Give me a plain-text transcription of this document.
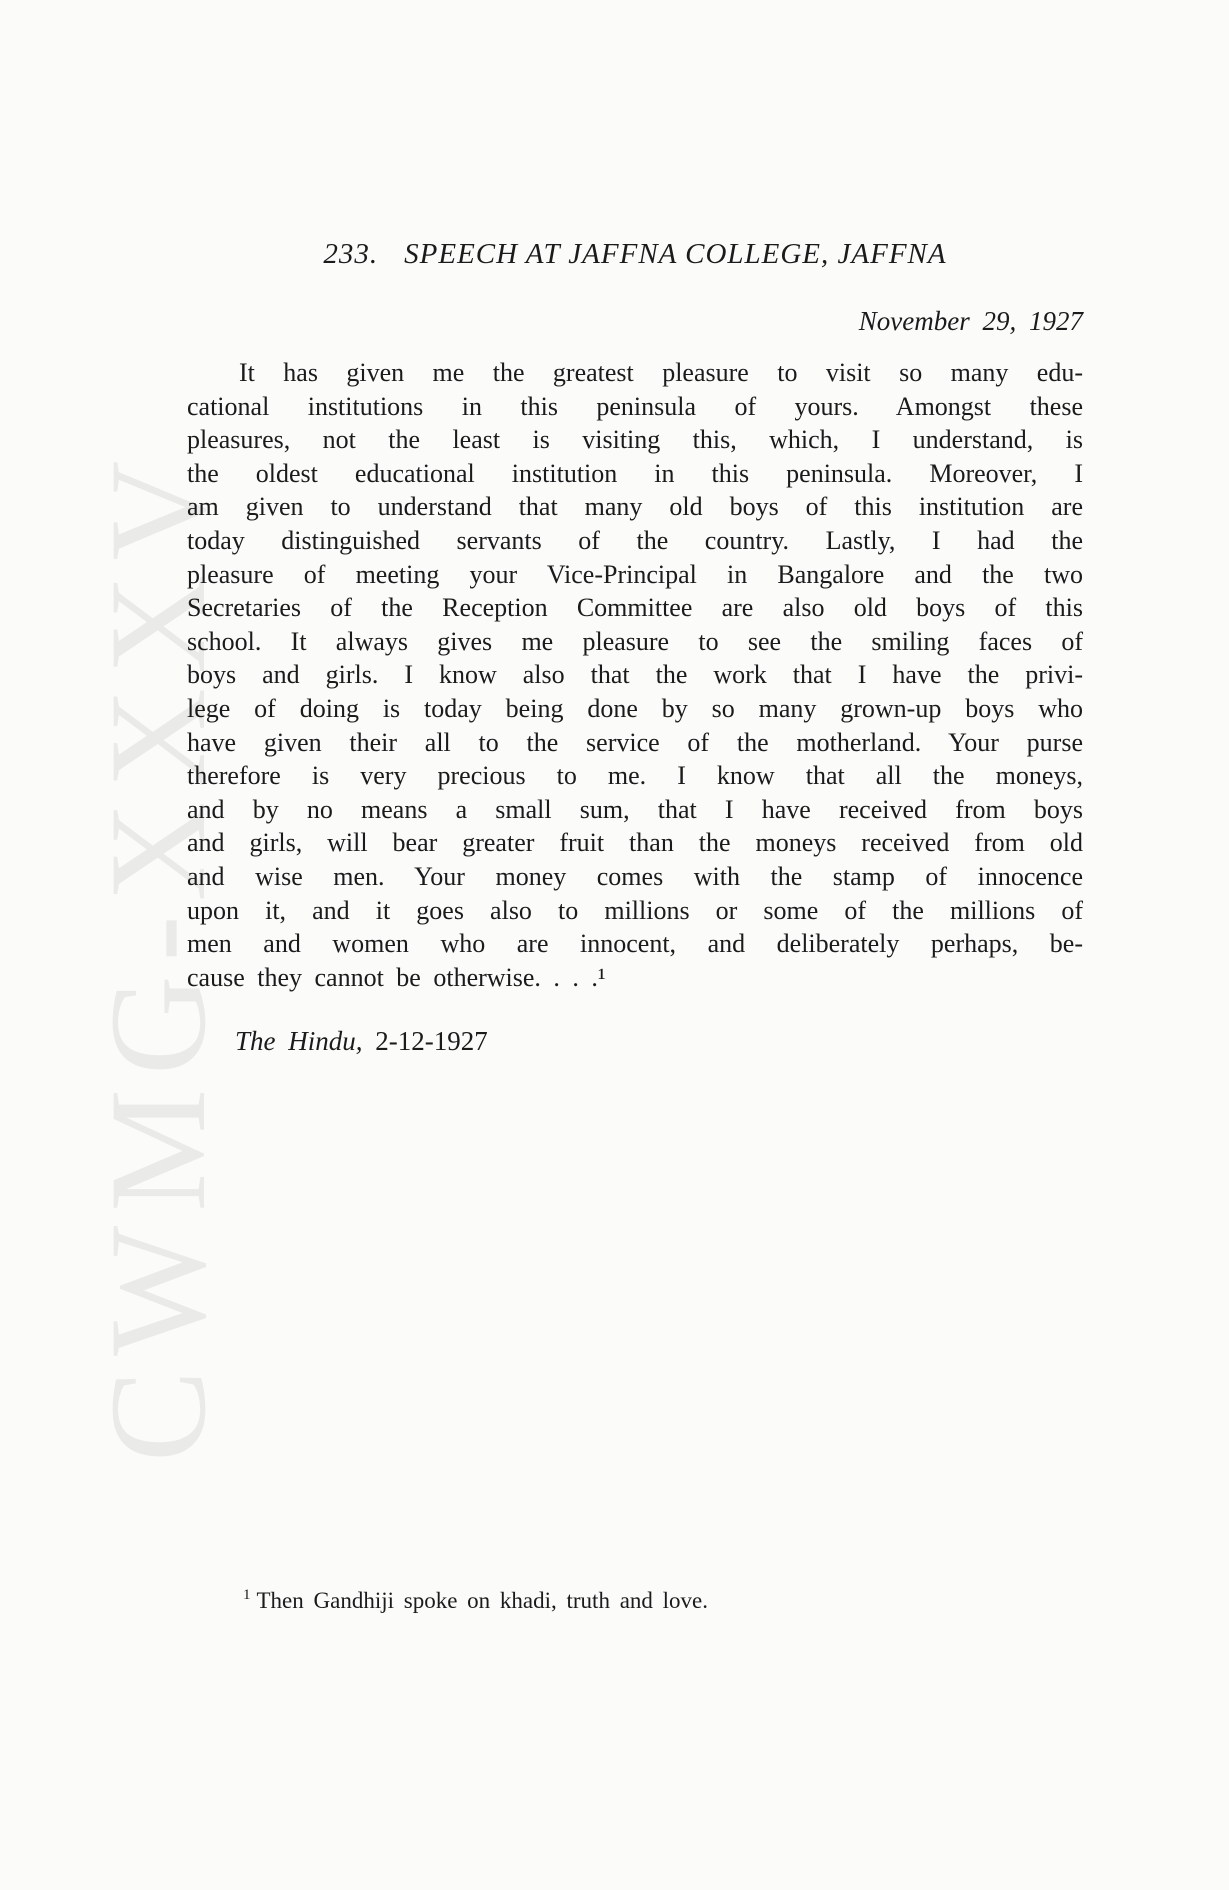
CWMG-XXXV
233. SPEECH AT JAFFNA COLLEGE, JAFFNA
November 29, 1927
It has given me the greatest pleasure to visit so many edu-
cational institutions in this peninsula of yours. Amongst these
pleasures, not the least is visiting this, which, I understand, is
the oldest educational institution in this peninsula. Moreover, I
am given to understand that many old boys of this institution are
today distinguished servants of the country. Lastly, I had the
pleasure of meeting your Vice-Principal in Bangalore and the two
Secretaries of the Reception Committee are also old boys of this
school. It always gives me pleasure to see the smiling faces of
boys and girls. I know also that the work that I have the privi-
lege of doing is today being done by so many grown-up boys who
have given their all to the service of the motherland. Your purse
therefore is very precious to me. I know that all the moneys,
and by no means a small sum, that I have received from boys
and girls, will bear greater fruit than the moneys received from old
and wise men. Your money comes with the stamp of innocence
upon it, and it goes also to millions or some of the millions of
men and women who are innocent, and deliberately perhaps, be-
cause they cannot be otherwise. . . .¹
The Hindu, 2-12-1927
$^1$ Then Gandhiji spoke on khadi, truth and love.
